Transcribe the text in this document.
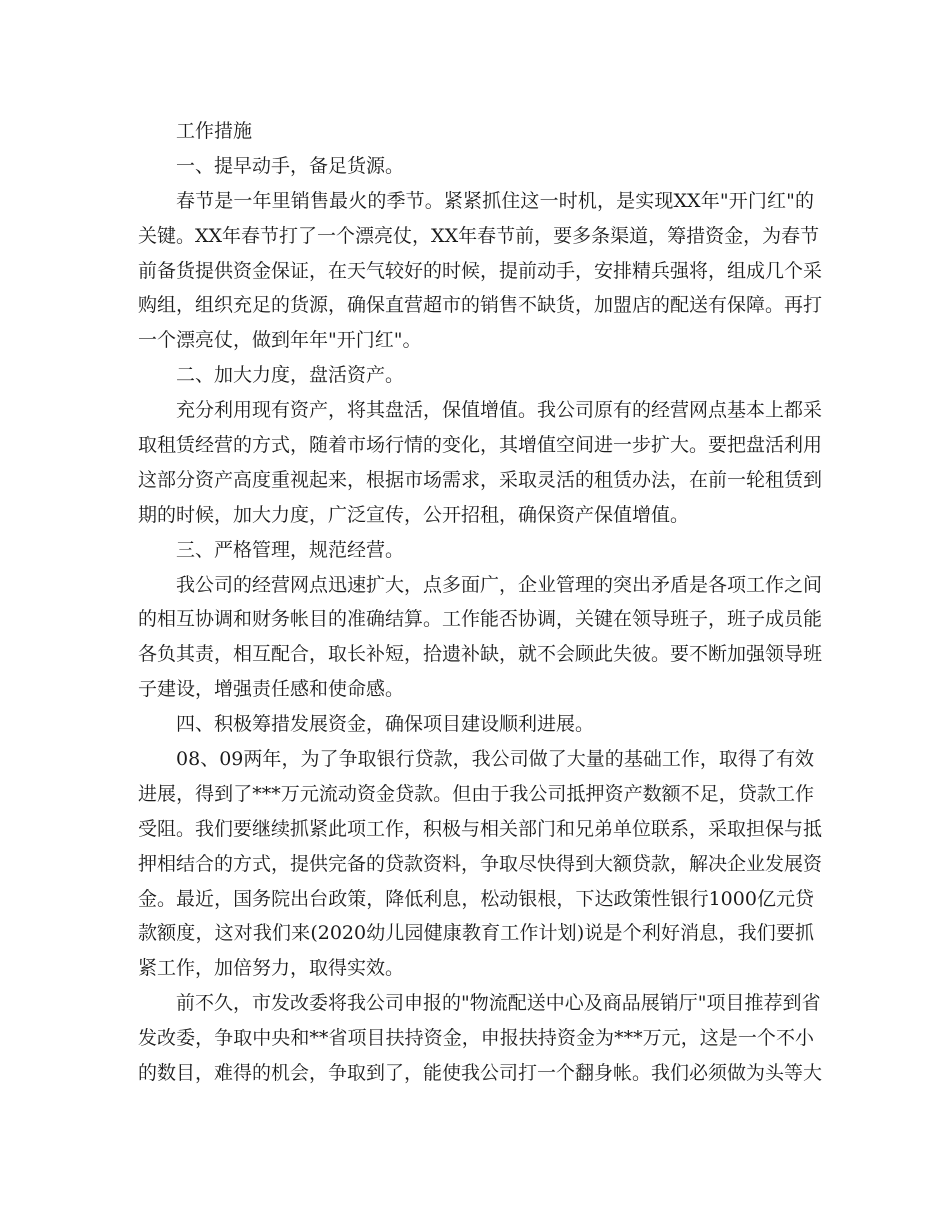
工作措施
一、提早动手，备足货源。
春节是一年里销售最火的季节。紧紧抓住这一时机，是实现XX年"开门红"的
关键。XX年春节打了一个漂亮仗，XX年春节前，要多条渠道，筹措资金，为春节
前备货提供资金保证，在天气较好的时候，提前动手，安排精兵强将，组成几个采
购组，组织充足的货源，确保直营超市的销售不缺货，加盟店的配送有保障。再打
一个漂亮仗，做到年年"开门红"。
二、加大力度，盘活资产。
充分利用现有资产，将其盘活，保值增值。我公司原有的经营网点基本上都采
取租赁经营的方式，随着市场行情的变化，其增值空间进一步扩大。要把盘活利用
这部分资产高度重视起来，根据市场需求，采取灵活的租赁办法，在前一轮租赁到
期的时候，加大力度，广泛宣传，公开招租，确保资产保值增值。
三、严格管理，规范经营。
我公司的经营网点迅速扩大，点多面广，企业管理的突出矛盾是各项工作之间
的相互协调和财务帐目的准确结算。工作能否协调，关键在领导班子，班子成员能
各负其责，相互配合，取长补短，拾遗补缺，就不会顾此失彼。要不断加强领导班
子建设，增强责任感和使命感。
四、积极筹措发展资金，确保项目建设顺利进展。
08、09两年，为了争取银行贷款，我公司做了大量的基础工作，取得了有效
进展，得到了***万元流动资金贷款。但由于我公司抵押资产数额不足，贷款工作
受阻。我们要继续抓紧此项工作，积极与相关部门和兄弟单位联系，采取担保与抵
押相结合的方式，提供完备的贷款资料，争取尽快得到大额贷款，解决企业发展资
金。最近，国务院出台政策，降低利息，松动银根，下达政策性银行1000亿元贷
款额度，这对我们来(2020幼儿园健康教育工作计划)说是个利好消息，我们要抓
紧工作，加倍努力，取得实效。
前不久，市发改委将我公司申报的"物流配送中心及商品展销厅"项目推荐到省
发改委，争取中央和**省项目扶持资金，申报扶持资金为***万元，这是一个不小
的数目，难得的机会，争取到了，能使我公司打一个翻身帐。我们必须做为头等大
